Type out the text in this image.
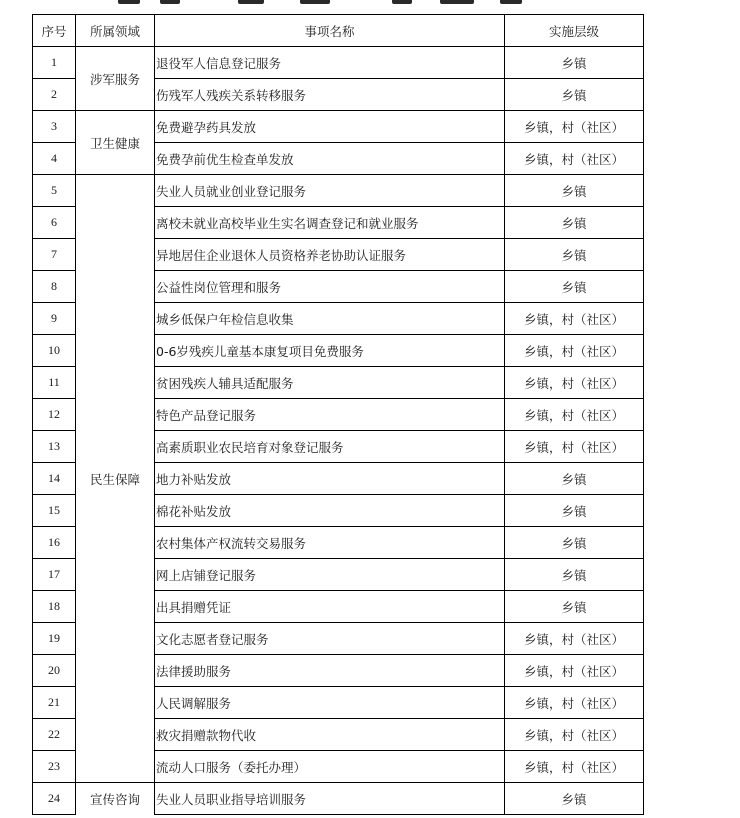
序号	所属领域	事项名称	实施层级
1	涉军服务	退役军人信息登记服务	乡镇
2		伤残军人残疾关系转移服务	乡镇
3	卫生健康	免费避孕药具发放	乡镇，村（社区）
4		免费孕前优生检查单发放	乡镇，村（社区）
5	民生保障	失业人员就业创业登记服务	乡镇
6		离校未就业高校毕业生实名调查登记和就业服务	乡镇
7		异地居住企业退休人员资格养老协助认证服务	乡镇
8		公益性岗位管理和服务	乡镇
9		城乡低保户年检信息收集	乡镇，村（社区）
10		0-6岁残疾儿童基本康复项目免费服务	乡镇，村（社区）
11		贫困残疾人辅具适配服务	乡镇，村（社区）
12		特色产品登记服务	乡镇，村（社区）
13		高素质职业农民培育对象登记服务	乡镇，村（社区）
14		地力补贴发放	乡镇
15		棉花补贴发放	乡镇
16		农村集体产权流转交易服务	乡镇
17		网上店铺登记服务	乡镇
18		出具捐赠凭证	乡镇
19		文化志愿者登记服务	乡镇，村（社区）
20		法律援助服务	乡镇，村（社区）
21		人民调解服务	乡镇，村（社区）
22		救灾捐赠款物代收	乡镇，村（社区）
23		流动人口服务（委托办理）	乡镇，村（社区）
24	宣传咨询	失业人员职业指导培训服务	乡镇
